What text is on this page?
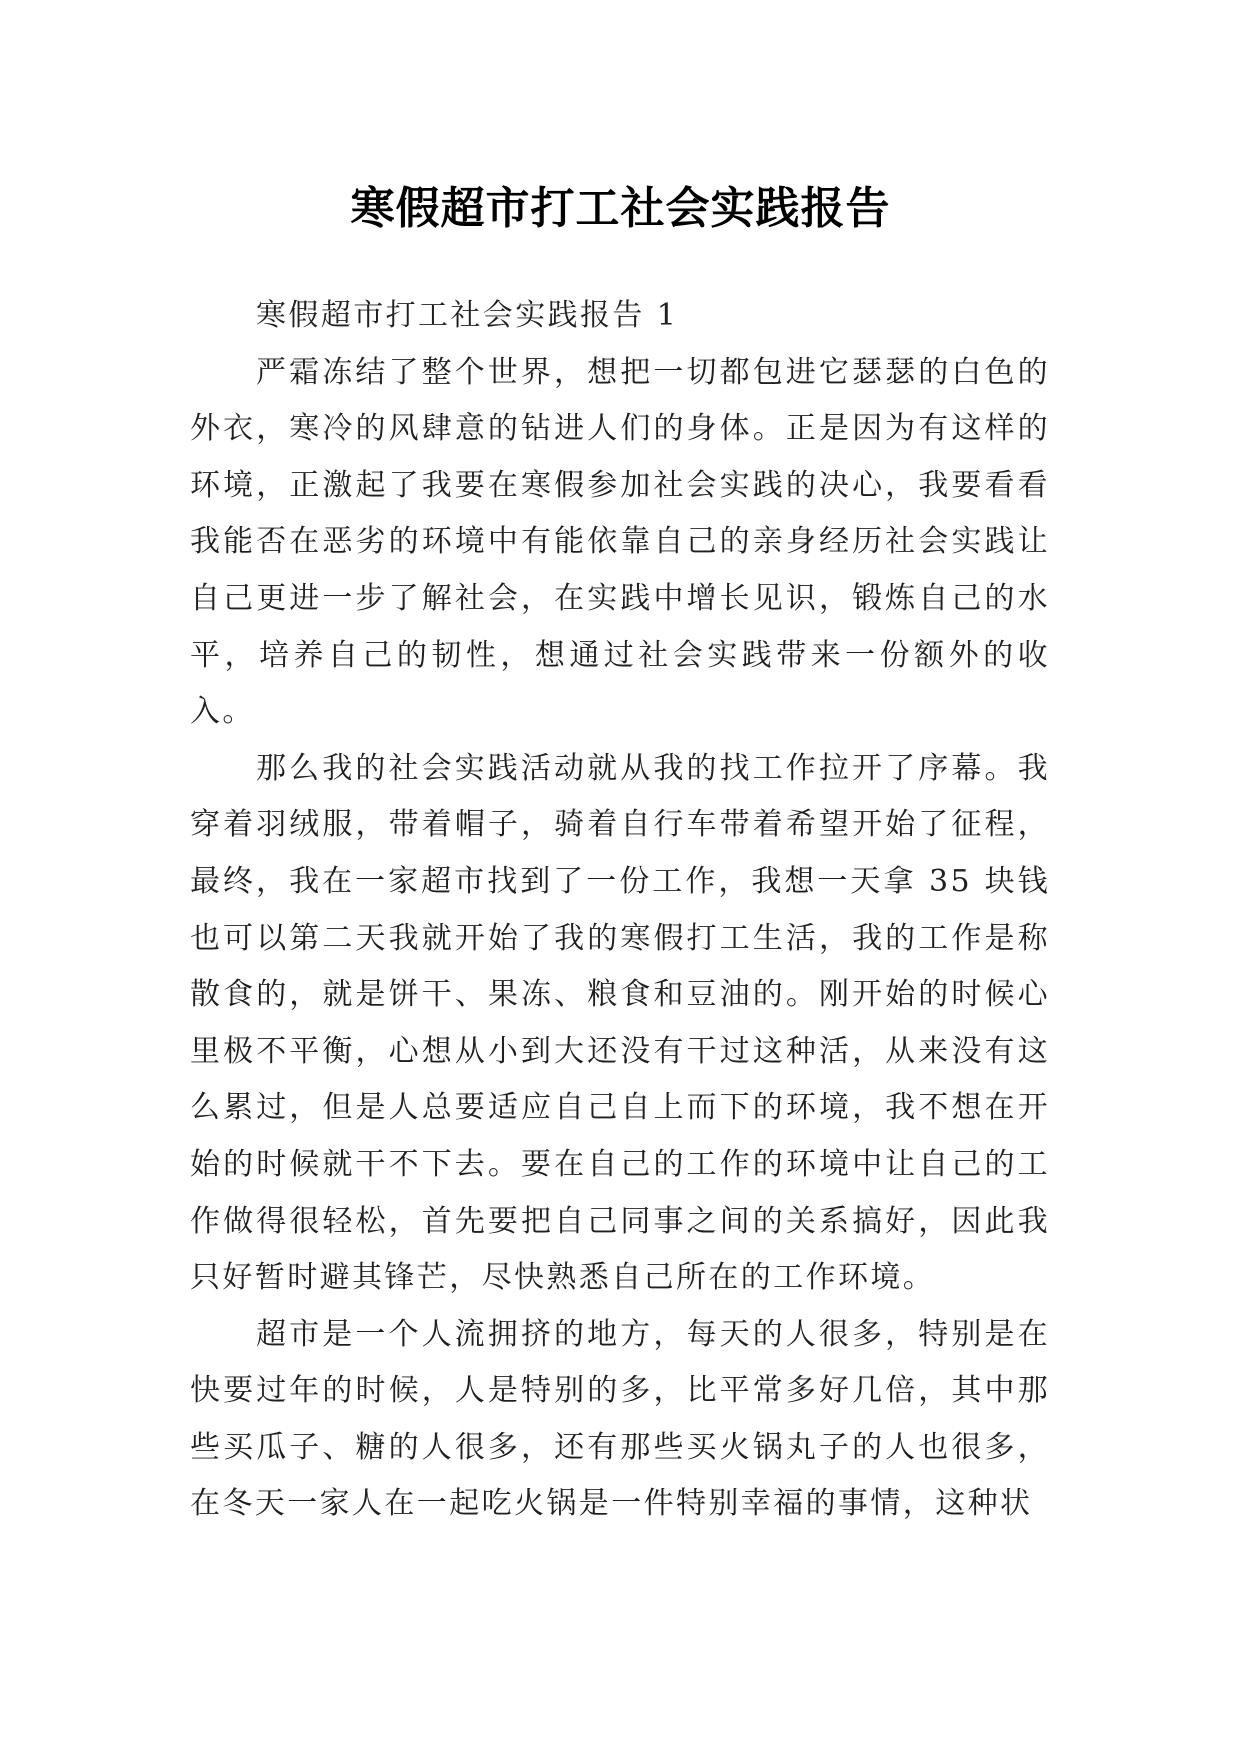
寒假超市打工社会实践报告

寒假超市打工社会实践报告 1

严霜冻结了整个世界，想把一切都包进它瑟瑟的白色的外衣，寒冷的风肆意的钻进人们的身体。正是因为有这样的环境，正激起了我要在寒假参加社会实践的决心，我要看看我能否在恶劣的环境中有能依靠自己的亲身经历社会实践让自己更进一步了解社会，在实践中增长见识，锻炼自己的水平，培养自己的韧性，想通过社会实践带来一份额外的收入。

那么我的社会实践活动就从我的找工作拉开了序幕。我穿着羽绒服，带着帽子，骑着自行车带着希望开始了征程，最终，我在一家超市找到了一份工作，我想一天拿 35 块钱也可以第二天我就开始了我的寒假打工生活，我的工作是称散食的，就是饼干、果冻、粮食和豆油的。刚开始的时候心里极不平衡，心想从小到大还没有干过这种活，从来没有这么累过，但是人总要适应自己自上而下的环境，我不想在开始的时候就干不下去。要在自己的工作的环境中让自己的工作做得很轻松，首先要把自己同事之间的关系搞好，因此我只好暂时避其锋芒，尽快熟悉自己所在的工作环境。

超市是一个人流拥挤的地方，每天的人很多，特别是在快要过年的时候，人是特别的多，比平常多好几倍，其中那些买瓜子、糖的人很多，还有那些买火锅丸子的人也很多，在冬天一家人在一起吃火锅是一件特别幸福的事情，这种状
